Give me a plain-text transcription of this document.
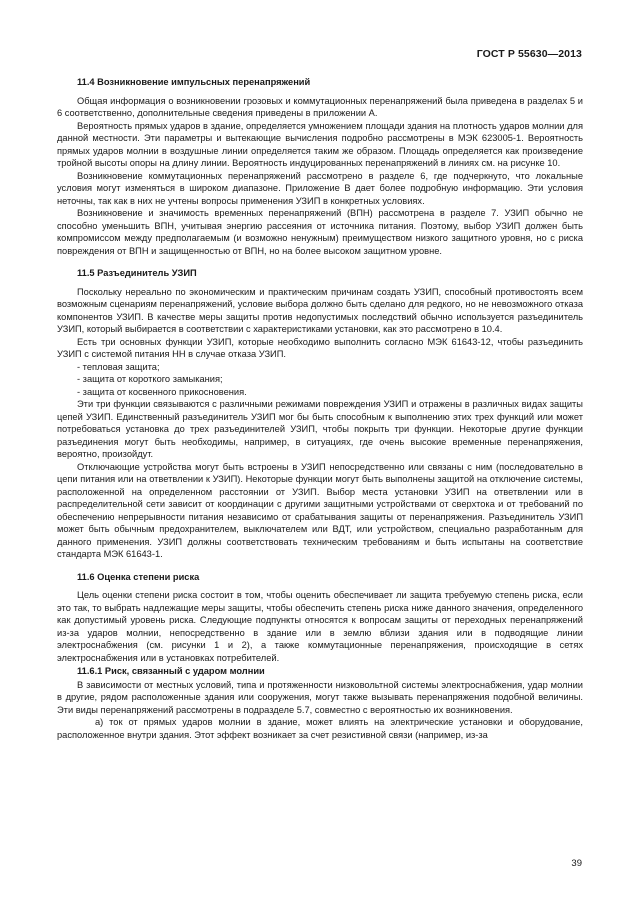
ГОСТ Р 55630—2013
11.4 Возникновение импульсных перенапряжений

Общая информация о возникновении грозовых и коммутационных перенапряжений была приведена в разделах 5 и 6 соответственно, дополнительные сведения приведены в приложении А.

Вероятность прямых ударов в здание, определяется умножением площади здания на плотность ударов молнии для данной местности. Эти параметры и вытекающие вычисления подробно рассмотрены в МЭК 623005-1. Вероятность прямых ударов молнии в воздушные линии определяется таким же образом. Площадь определяется как произведение тройной высоты опоры на длину линии. Вероятность индуцированных перенапряжений в линиях см. на рисунке 10.

Возникновение коммутационных перенапряжений рассмотрено в разделе 6, где подчеркнуто, что локальные условия могут изменяться в широком диапазоне. Приложение В дает более подробную информацию. Эти условия неточны, так как в них не учтены вопросы применения УЗИП в конкретных условиях.

Возникновение и значимость временных перенапряжений (ВПН) рассмотрена в разделе 7. УЗИП обычно не способно уменьшить ВПН, учитывая энергию рассеяния от источника питания. Поэтому, выбор УЗИП должен быть компромиссом между предполагаемым (и возможно ненужным) преимуществом низкого защитного уровня, но с риска повреждения от ВПН и защищенностью от ВПН, но на более высоком защитном уровне.

11.5 Разъединитель УЗИП

Поскольку нереально по экономическим и практическим причинам создать УЗИП, способный противостоять всем возможным сценариям перенапряжений, условие выбора должно быть сделано для редкого, но не невозможного отказа компонентов УЗИП. В качестве меры защиты против недопустимых последствий обычно используется разъединитель УЗИП, который выбирается в соответствии с характеристиками установки, как это рассмотрено в 10.4.

Есть три основных функции УЗИП, которые необходимо выполнить согласно МЭК 61643-12, чтобы разъединить УЗИП с системой питания НН в случае отказа УЗИП.

- тепловая защита;

- защита от короткого замыкания;

- защита от косвенного прикосновения.

Эти три функции связываются с различными режимами повреждения УЗИП и отражены в различных видах защиты цепей УЗИП. Единственный разъединитель УЗИП мог бы быть способным к выполнению этих трех функций или может потребоваться установка до трех разъединителей УЗИП, чтобы покрыть три функции. Некоторые другие функции разъединения могут быть необходимы, например, в ситуациях, где очень высокие временные перенапряжения, вероятно, произойдут.

Отключающие устройства могут быть встроены в УЗИП непосредственно или связаны с ним (последовательно в цепи питания или на ответвлении к УЗИП). Некоторые функции могут быть выполнены защитой на отключение системы, расположенной на определенном расстоянии от УЗИП. Выбор места установки УЗИП на ответвлении или в распределительной сети зависит от координации с другими защитными устройствами от сверхтока и от требований по обеспечению непрерывности питания независимо от срабатывания защиты от перенапряжения. Разъединитель УЗИП может быть обычным предохранителем, выключателем или ВДТ, или устройством, специально разработанным для данного применения. УЗИП должны соответствовать техническим требованиям и быть испытаны на соответствие стандарта МЭК 61643-1.

11.6 Оценка степени риска

Цель оценки степени риска состоит в том, чтобы оценить обеспечивает ли защита требуемую степень риска, если это так, то выбрать надлежащие меры защиты, чтобы обеспечить степень риска ниже данного значения, определенного как допустимый уровень риска. Следующие подпункты относятся к вопросам защиты от переходных перенапряжений из-за ударов молнии, непосредственно в здание или в землю вблизи здания или в подводящие линии электроснабжения (см. рисунки 1 и 2), а также коммутационные перенапряжения, происходящие в сетях электроснабжения или в установках потребителей.

11.6.1 Риск, связанный с ударом молнии

В зависимости от местных условий, типа и протяженности низковольтной системы электроснабжения, удар молнии в другие, рядом расположенные здания или сооружения, могут также вызывать перенапряжения подобной величины. Эти виды перенапряжений рассмотрены в подразделе 5.7, совместно с вероятностью их возникновения.

а) ток от прямых ударов молнии в здание, может влиять на электрические установки и оборудование, расположенное внутри здания. Этот эффект возникает за счет резистивной связи (например, из-за

39
